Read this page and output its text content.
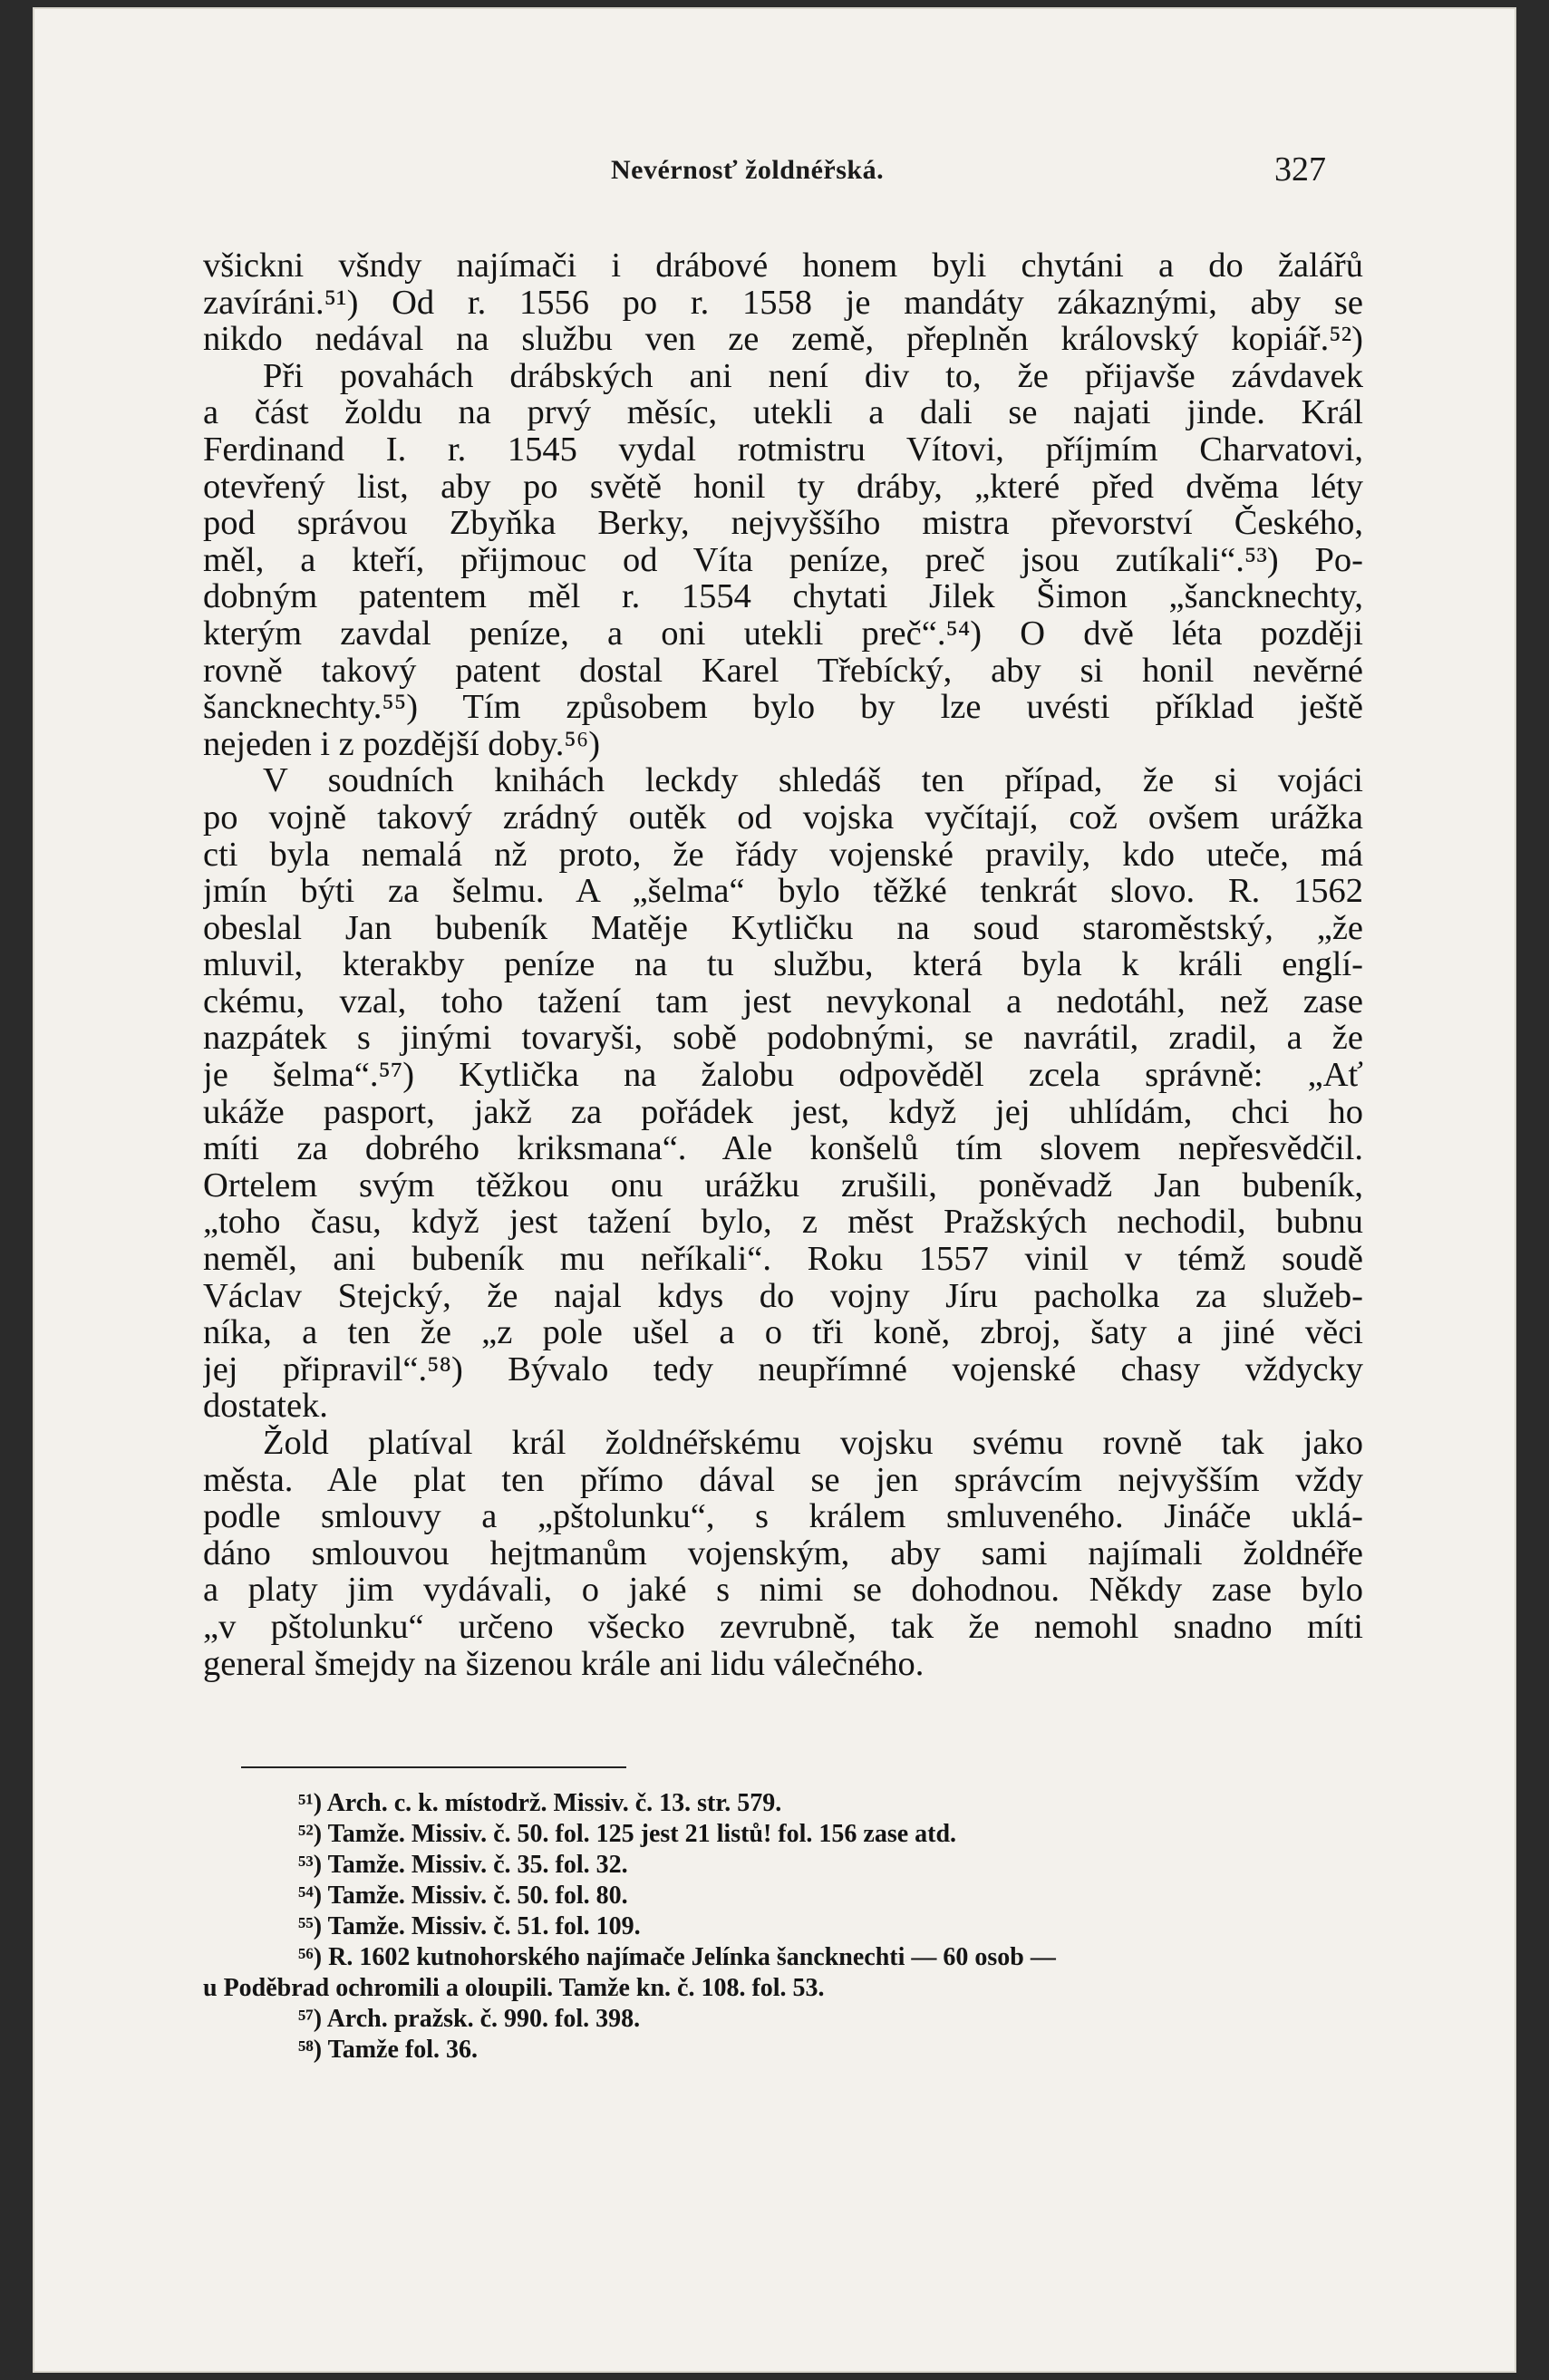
Nevérnosť žoldnéřská.	327
všickni všndy najímači i drábové honem byli chytáni a do žalářů
zavíráni.⁵¹) Od r. 1556 po r. 1558 je mandáty zákaznými, aby se
nikdo nedával na službu ven ze země, přeplněn královský kopiář.⁵²)
Při povahách drábských ani není div to, že přijavše závdavek
a část žoldu na prvý měsíc, utekli a dali se najati jinde. Král
Ferdinand I. r. 1545 vydal rotmistru Vítovi, příjmím Charvatovi,
otevřený list, aby po světě honil ty dráby, „které před dvěma léty
pod správou Zbyňka Berky, nejvyššího mistra převorství Českého,
měl, a kteří, přijmouc od Víta peníze, preč jsou zutíkali“.⁵³) Po-
dobným patentem měl r. 1554 chytati Jilek Šimon „šancknechty,
kterým zavdal peníze, a oni utekli preč“.⁵⁴) O dvě léta později
rovně takový patent dostal Karel Třebícký, aby si honil nevěrné
šancknechty.⁵⁵) Tím způsobem bylo by lze uvésti příklad ještě
nejeden i z pozdější doby.⁵⁶)
V soudních knihách leckdy shledáš ten případ, že si vojáci
po vojně takový zrádný outěk od vojska vyčítají, což ovšem urážka
cti byla nemalá nž proto, že řády vojenské pravily, kdo uteče, má
jmín býti za šelmu. A „šelma“ bylo těžké tenkrát slovo. R. 1562
obeslal Jan bubeník Matěje Kytličku na soud staroměstský, „že
mluvil, kterakby peníze na tu službu, která byla k králi englí-
ckému, vzal, toho tažení tam jest nevykonal a nedotáhl, než zase
nazpátek s jinými tovaryši, sobě podobnými, se navrátil, zradil, a že
je šelma“.⁵⁷) Kytlička na žalobu odpověděl zcela správně: „Ať
ukáže pasport, jakž za pořádek jest, když jej uhlídám, chci ho
míti za dobrého kriksmana“. Ale konšelů tím slovem nepřesvědčil.
Ortelem svým těžkou onu urážku zrušili, poněvadž Jan bubeník,
„toho času, když jest tažení bylo, z měst Pražských nechodil, bubnu
neměl, ani bubeník mu neříkali“. Roku 1557 vinil v témž soudě
Václav Stejcký, že najal kdys do vojny Jíru pacholka za služeb-
níka, a ten že „z pole ušel a o tři koně, zbroj, šaty a jiné věci
jej připravil“.⁵⁸) Bývalo tedy neupřímné vojenské chasy vždycky
dostatek.
Žold platíval král žoldnéřskému vojsku svému rovně tak jako
města. Ale plat ten přímo dával se jen správcím nejvyšším vždy
podle smlouvy a „pštolunku“, s králem smluveného. Jináče uklá-
dáno smlouvou hejtmanům vojenským, aby sami najímali žoldnéře
a platy jim vydávali, o jaké s nimi se dohodnou. Někdy zase bylo
„v pštolunku“ určeno všecko zevrubně, tak že nemohl snadno míti
general šmejdy na šizenou krále ani lidu válečného.
⁵¹) Arch. c. k. místodrž. Missiv. č. 13. str. 579.
⁵²) Tamže. Missiv. č. 50. fol. 125 jest 21 listů! fol. 156 zase atd.
⁵³) Tamže. Missiv. č. 35. fol. 32.
⁵⁴) Tamže. Missiv. č. 50. fol. 80.
⁵⁵) Tamže. Missiv. č. 51. fol. 109.
⁵⁶) R. 1602 kutnohorského najímače Jelínka šancknechti — 60 osob —
u Poděbrad ochromili a oloupili. Tamže kn. č. 108. fol. 53.
⁵⁷) Arch. pražsk. č. 990. fol. 398.
⁵⁸) Tamže fol. 36.
